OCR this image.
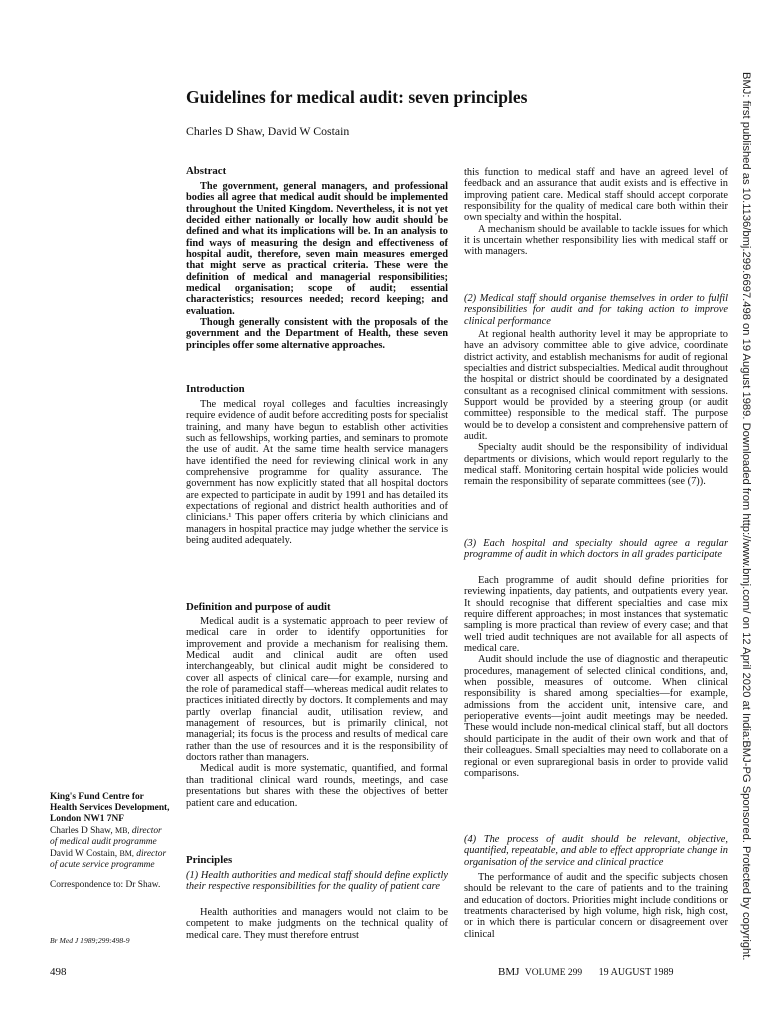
Guidelines for medical audit: seven principles
Charles D Shaw, David W Costain
Abstract

The government, general managers, and professional bodies all agree that medical audit should be implemented throughout the United Kingdom. Nevertheless, it is not yet decided either nationally or locally how audit should be defined and what its implications will be. In an analysis to find ways of measuring the design and effectiveness of hospital audit, therefore, seven main measures emerged that might serve as practical criteria. These were the definition of medical and managerial responsibilities; medical organisation; scope of audit; essential characteristics; resources needed; record keeping; and evaluation.

Though generally consistent with the proposals of the government and the Department of Health, these seven principles offer some alternative approaches.

Introduction

The medical royal colleges and faculties increasingly require evidence of audit before accrediting posts for specialist training, and many have begun to establish other activities such as fellowships, working parties, and seminars to promote the use of audit. At the same time health service managers have identified the need for reviewing clinical work in any comprehensive programme for quality assurance. The government has now explicitly stated that all hospital doctors are expected to participate in audit by 1991 and has detailed its expectations of regional and district health authorities and of clinicians.¹ This paper offers criteria by which clinicians and managers in hospital practice may judge whether the service is being audited adequately.

Definition and purpose of audit

Medical audit is a systematic approach to peer review of medical care in order to identify opportunities for improvement and provide a mechanism for realising them. Medical audit and clinical audit are often used interchangeably, but clinical audit might be considered to cover all aspects of clinical care—for example, nursing and the role of paramedical staff—whereas medical audit relates to practices initiated directly by doctors. It complements and may partly overlap financial audit, utilisation review, and management of resources, but is primarily clinical, not managerial; its focus is the process and results of medical care rather than the use of resources and it is the responsibility of doctors rather than managers.

Medical audit is more systematic, quantified, and formal than traditional clinical ward rounds, meetings, and case presentations but shares with these the objectives of better patient care and education.

Principles
(1) Health authorities and medical staff should define explictly their respective responsibilities for the quality of patient care

Health authorities and managers would not claim to be competent to make judgments on the technical quality of medical care. They must therefore entrust

this function to medical staff and have an agreed level of feedback and an assurance that audit exists and is effective in improving patient care. Medical staff should accept corporate responsibility for the quality of medical care both within their own specialty and within the hospital.

A mechanism should be available to tackle issues for which it is uncertain whether responsibility lies with medical staff or with managers.

(2) Medical staff should organise themselves in order to fulfil responsibilities for audit and for taking action to improve clinical performance

At regional health authority level it may be appropriate to have an advisory committee able to give advice, coordinate district activity, and establish mechanisms for audit of regional specialties and district subspecialties. Medical audit throughout the hospital or district should be coordinated by a designated consultant as a recognised clinical commitment with sessions. Support would be provided by a steering group (or audit committee) responsible to the medical staff. The purpose would be to develop a consistent and comprehensive pattern of audit.

Specialty audit should be the responsibility of individual departments or divisions, which would report regularly to the medical staff. Monitoring certain hospital wide policies would remain the responsibility of separate committees (see (7)).

(3) Each hospital and specialty should agree a regular programme of audit in which doctors in all grades participate

Each programme of audit should define priorities for reviewing inpatients, day patients, and outpatients every year. It should recognise that different specialties and case mix require different approaches; in most instances that systematic sampling is more practical than review of every case; and that well tried audit techniques are not available for all aspects of medical care.

Audit should include the use of diagnostic and therapeutic procedures, management of selected clinical conditions, and, when possible, measures of outcome. When clinical responsibility is shared among specialties—for example, admissions from the accident unit, intensive care, and perioperative events—joint audit meetings may be needed. These would include non-medical clinical staff, but all doctors should participate in the audit of their own work and that of their colleagues. Small specialties may need to collaborate on a regional or even supraregional basis in order to provide valid comparisons.

(4) The process of audit should be relevant, objective, quantified, repeatable, and able to effect appropriate change in organisation of the service and clinical practice

The performance of audit and the specific subjects chosen should be relevant to the care of patients and to the training and education of doctors. Priorities might include conditions or treatments characterised by high volume, high risk, high cost, or in which there is particular concern or disagreement over clinical

King's Fund Centre for Health Services Development, London NW1 7NF
Charles D Shaw, MB, director of medical audit programme
David W Costain, BM, director of acute service programme
Correspondence to: Dr Shaw.
Br Med J 1989;299:498-9
498	BMJ VOLUME 299 19 AUGUST 1989
BMJ: first published as 10.1136/bmj.299.6697.498 on 19 August 1989. Downloaded from http://www.bmj.com/ on 12 April 2020 at India:BMJ-PG Sponsored. Protected by copyright.
